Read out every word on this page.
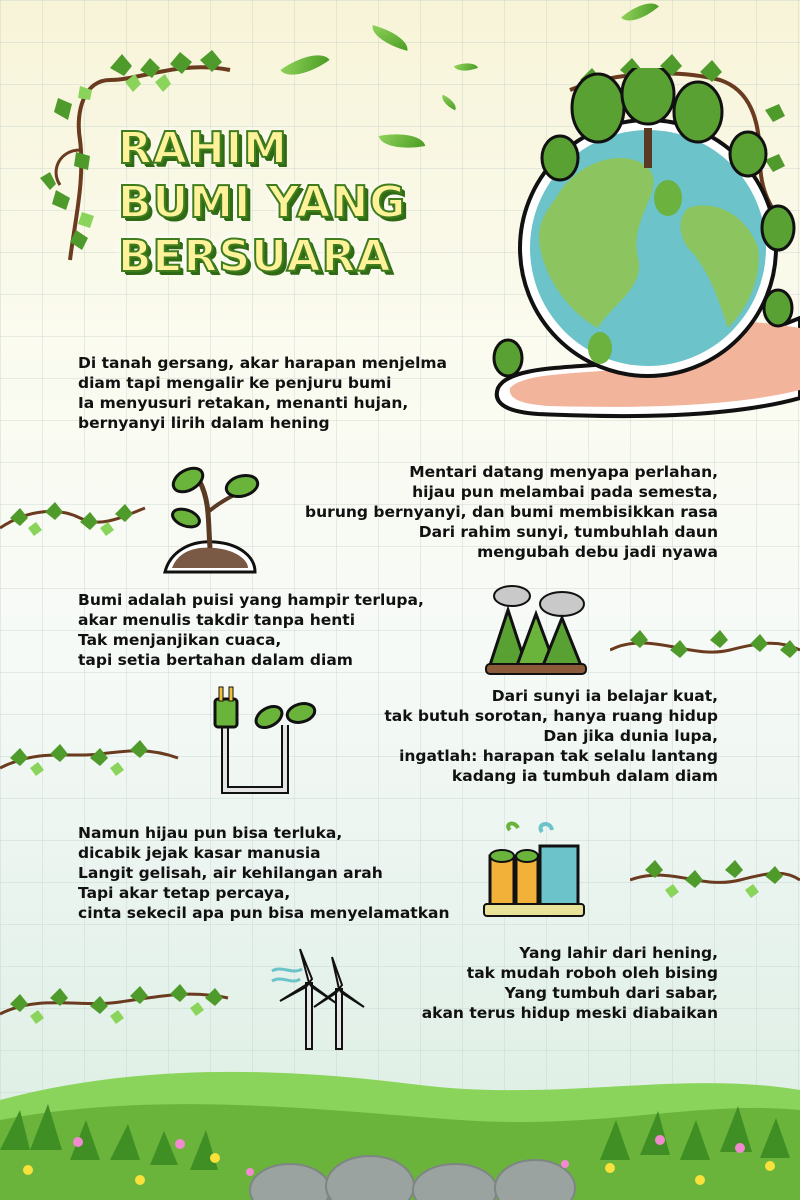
RAHIM
BUMI YANG
BERSUARA
Di tanah gersang, akar harapan menjelma
diam tapi mengalir ke penjuru bumi
Ia menyusuri retakan, menanti hujan,
bernyanyi lirih dalam hening
Mentari datang menyapa perlahan,
hijau pun melambai pada semesta,
burung bernyanyi, dan bumi membisikkan rasa
Dari rahim sunyi, tumbuhlah daun
mengubah debu jadi nyawa
Bumi adalah puisi yang hampir terlupa,
akar menulis takdir tanpa henti
Tak menjanjikan cuaca,
tapi setia bertahan dalam diam
Dari sunyi ia belajar kuat,
tak butuh sorotan, hanya ruang hidup
Dan jika dunia lupa,
ingatlah: harapan tak selalu lantang
kadang ia tumbuh dalam diam
Namun hijau pun bisa terluka,
dicabik jejak kasar manusia
Langit gelisah, air kehilangan arah
Tapi akar tetap percaya,
cinta sekecil apa pun bisa menyelamatkan
Yang lahir dari hening,
tak mudah roboh oleh bising
Yang tumbuh dari sabar,
akan terus hidup meski diabaikan
